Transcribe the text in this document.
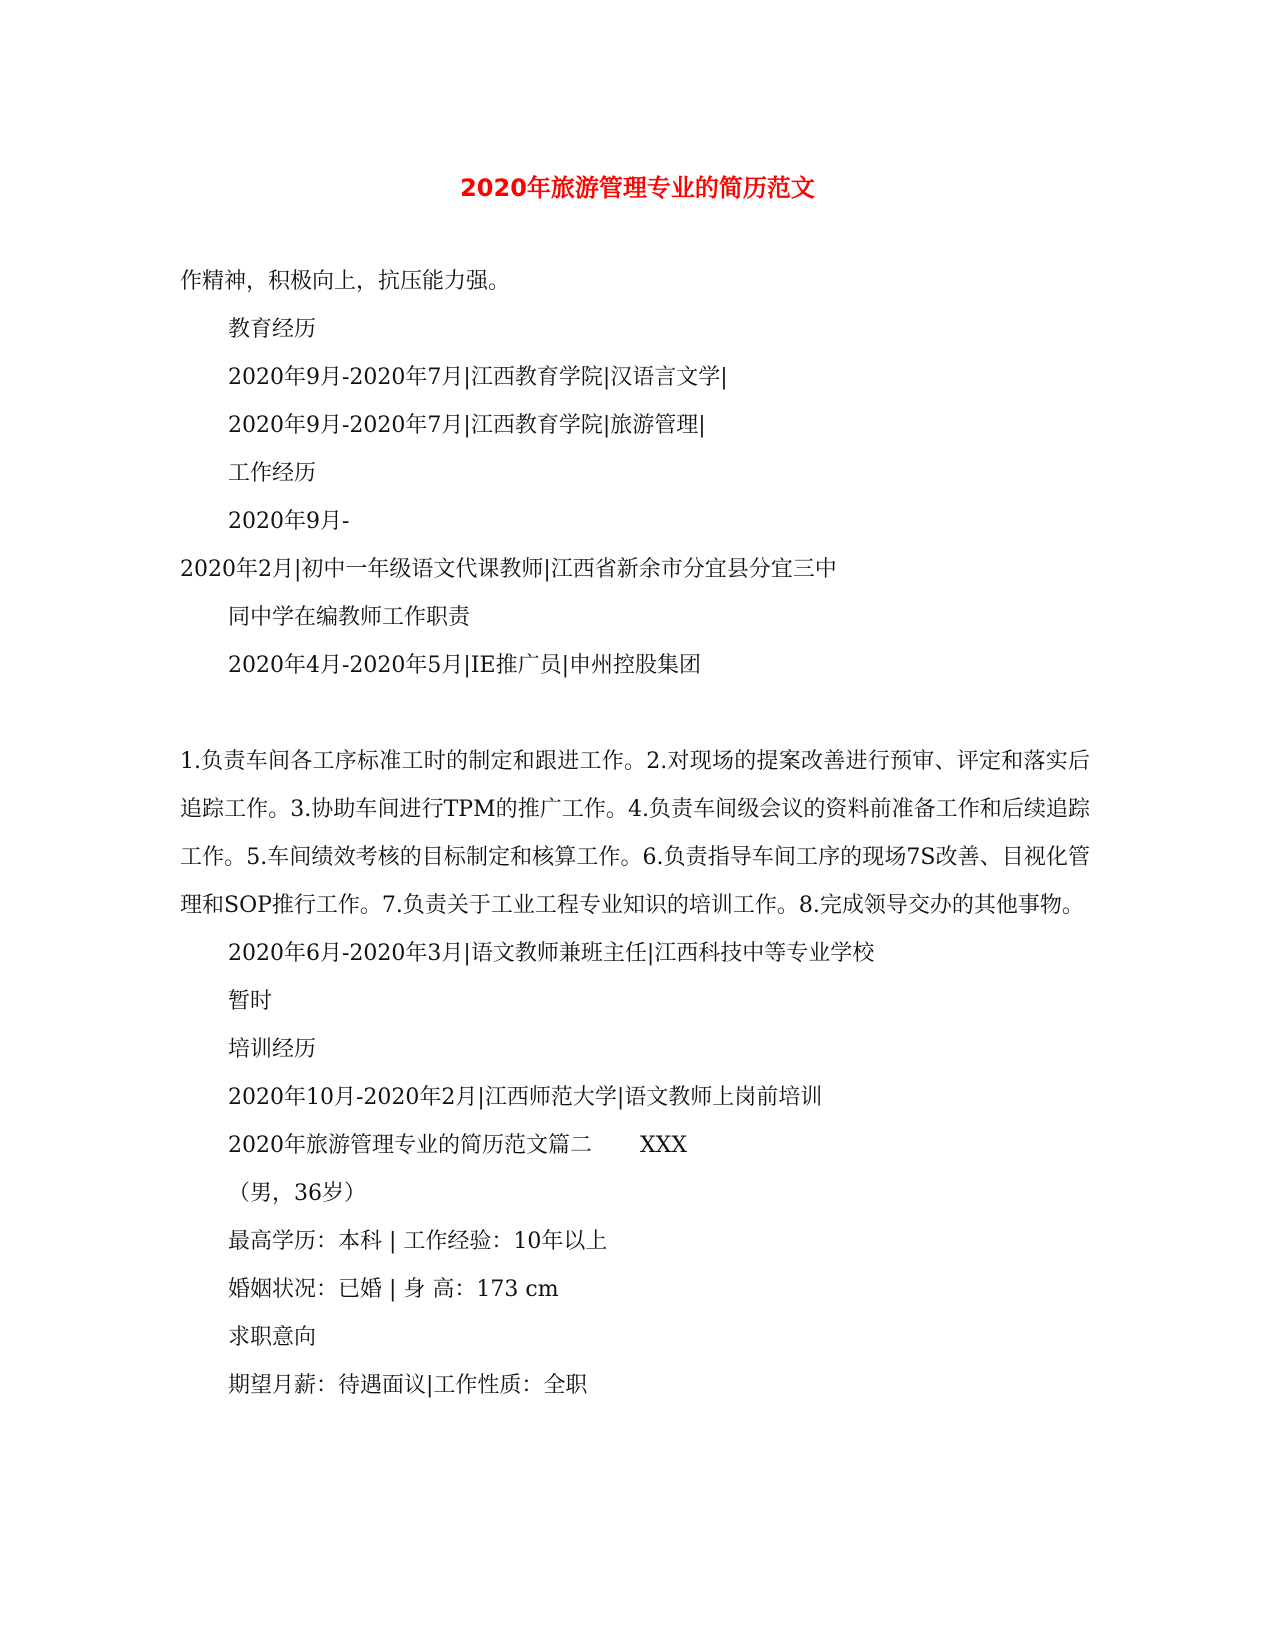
2020年旅游管理专业的简历范文

作精神，积极向上，抗压能力强。

教育经历

2020年9月-2020年7月|江西教育学院|汉语言文学|

2020年9月-2020年7月|江西教育学院|旅游管理|

工作经历

2020年9月-

2020年2月|初中一年级语文代课教师|江西省新余市分宜县分宜三中

同中学在编教师工作职责

2020年4月-2020年5月|IE推广员|申州控股集团

1.负责车间各工序标准工时的制定和跟进工作。2.对现场的提案改善进行预审、评定和落实后追踪工作。3.协助车间进行TPM的推广工作。4.负责车间级会议的资料前准备工作和后续追踪工作。5.车间绩效考核的目标制定和核算工作。6.负责指导车间工序的现场7S改善、目视化管理和SOP推行工作。7.负责关于工业工程专业知识的培训工作。8.完成领导交办的其他事物。

2020年6月-2020年3月|语文教师兼班主任|江西科技中等专业学校

暂时

培训经历

2020年10月-2020年2月|江西师范大学|语文教师上岗前培训

2020年旅游管理专业的简历范文篇二 XXX

（男，36岁）

最高学历：本科 | 工作经验：10年以上

婚姻状况：已婚 | 身 高：173 cm

求职意向

期望月薪：待遇面议|工作性质：全职
